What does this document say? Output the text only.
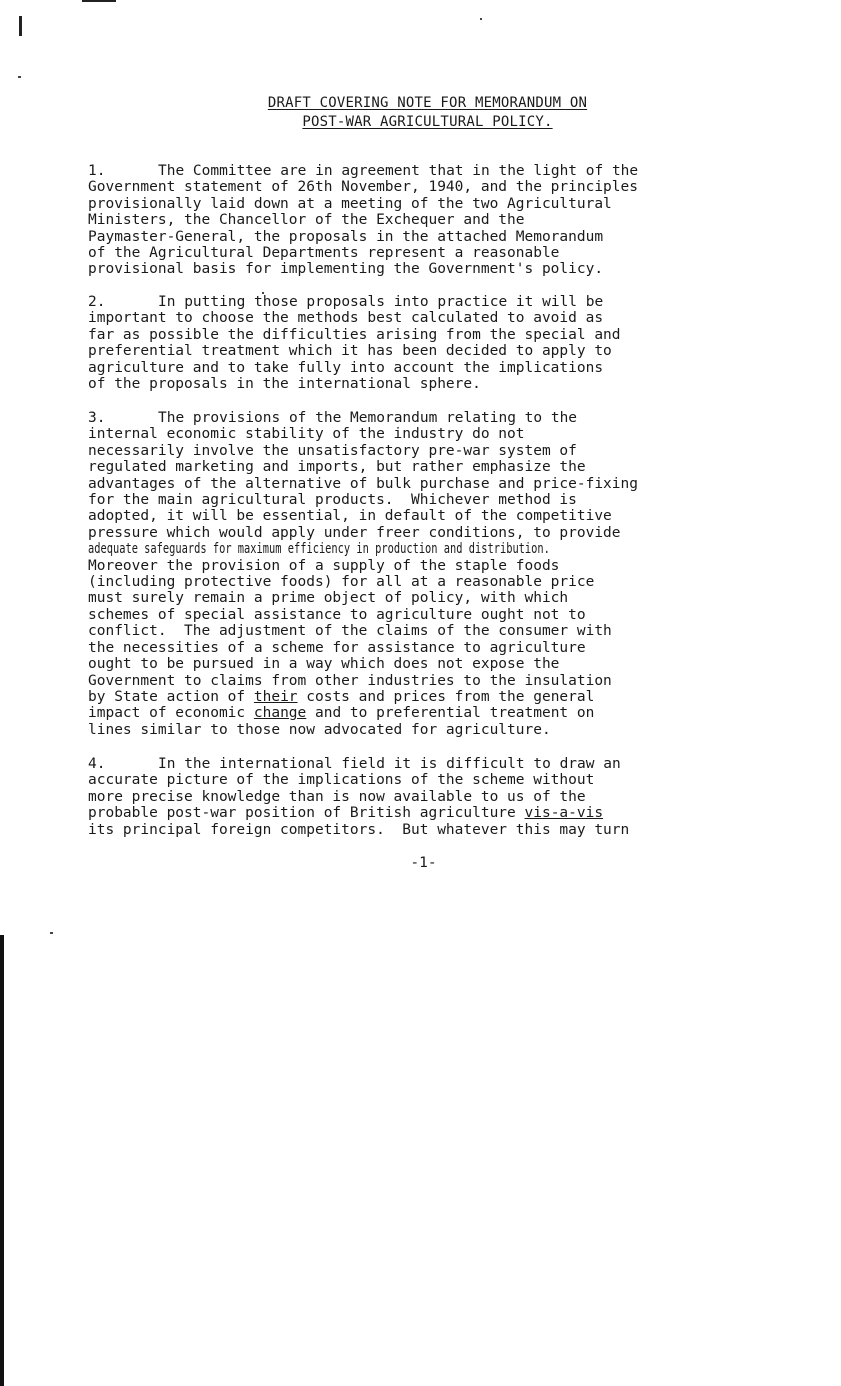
DRAFT COVERING NOTE FOR MEMORANDUM ON
POST-WAR AGRICULTURAL POLICY.
1.	The Committee are in agreement that in the light of the
Government statement of 26th November, 1940, and the principles
provisionally laid down at a meeting of the two Agricultural
Ministers, the Chancellor of the Exchequer and the
Paymaster-General, the proposals in the attached Memorandum
of the Agricultural Departments represent a reasonable
provisional basis for implementing the Government's policy.
2.	In putting those proposals into practice it will be
important to choose the methods best calculated to avoid as
far as possible the difficulties arising from the special and
preferential treatment which it has been decided to apply to
agriculture and to take fully into account the implications
of the proposals in the international sphere.
3.	The provisions of the Memorandum relating to the
internal economic stability of the industry do not
necessarily involve the unsatisfactory pre-war system of
regulated marketing and imports, but rather emphasize the
advantages of the alternative of bulk purchase and price-fixing
for the main agricultural products.  Whichever method is
adopted, it will be essential, in default of the competitive
pressure which would apply under freer conditions, to provide
adequate safeguards for maximum efficiency in production and distribution.
Moreover the provision of a supply of the staple foods
(including protective foods) for all at a reasonable price
must surely remain a prime object of policy, with which
schemes of special assistance to agriculture ought not to
conflict.  The adjustment of the claims of the consumer with
the necessities of a scheme for assistance to agriculture
ought to be pursued in a way which does not expose the
Government to claims from other industries to the insulation
by State action of their costs and prices from the general
impact of economic change and to preferential treatment on
lines similar to those now advocated for agriculture.
4.	In the international field it is difficult to draw an
accurate picture of the implications of the scheme without
more precise knowledge than is now available to us of the
probable post-war position of British agriculture vis-a-vis
its principal foreign competitors.  But whatever this may turn
-1-
